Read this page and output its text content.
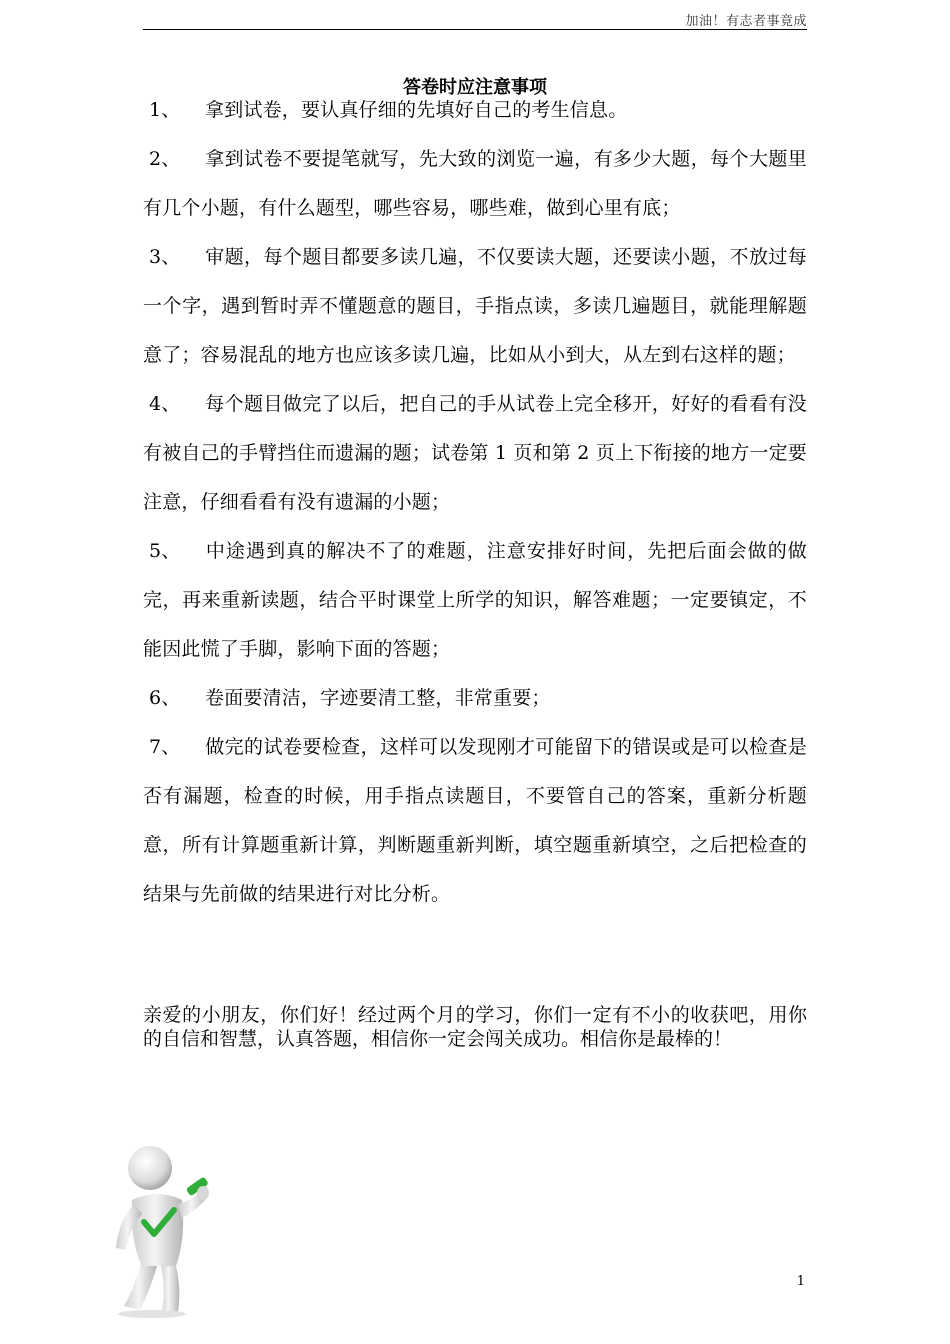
加油！有志者事竟成
答卷时应注意事项
1、 拿到试卷，要认真仔细的先填好自己的考生信息。
2、 拿到试卷不要提笔就写，先大致的浏览一遍，有多少大题，每个大题里有几个小题，有什么题型，哪些容易，哪些难，做到心里有底；
3、 审题，每个题目都要多读几遍，不仅要读大题，还要读小题，不放过每一个字，遇到暂时弄不懂题意的题目，手指点读，多读几遍题目，就能理解题意了；容易混乱的地方也应该多读几遍，比如从小到大，从左到右这样的题；
4、 每个题目做完了以后，把自己的手从试卷上完全移开，好好的看看有没有被自己的手臂挡住而遗漏的题；试卷第 1 页和第 2 页上下衔接的地方一定要注意，仔细看看有没有遗漏的小题；
5、 中途遇到真的解决不了的难题，注意安排好时间，先把后面会做的做完，再来重新读题，结合平时课堂上所学的知识，解答难题；一定要镇定，不能因此慌了手脚，影响下面的答题；
6、 卷面要清洁，字迹要清工整，非常重要；
7、 做完的试卷要检查，这样可以发现刚才可能留下的错误或是可以检查是否有漏题，检查的时候，用手指点读题目，不要管自己的答案，重新分析题意，所有计算题重新计算，判断题重新判断，填空题重新填空，之后把检查的结果与先前做的结果进行对比分析。
亲爱的小朋友，你们好！经过两个月的学习，你们一定有不小的收获吧，用你的自信和智慧，认真答题，相信你一定会闯关成功。相信你是最棒的！
1
